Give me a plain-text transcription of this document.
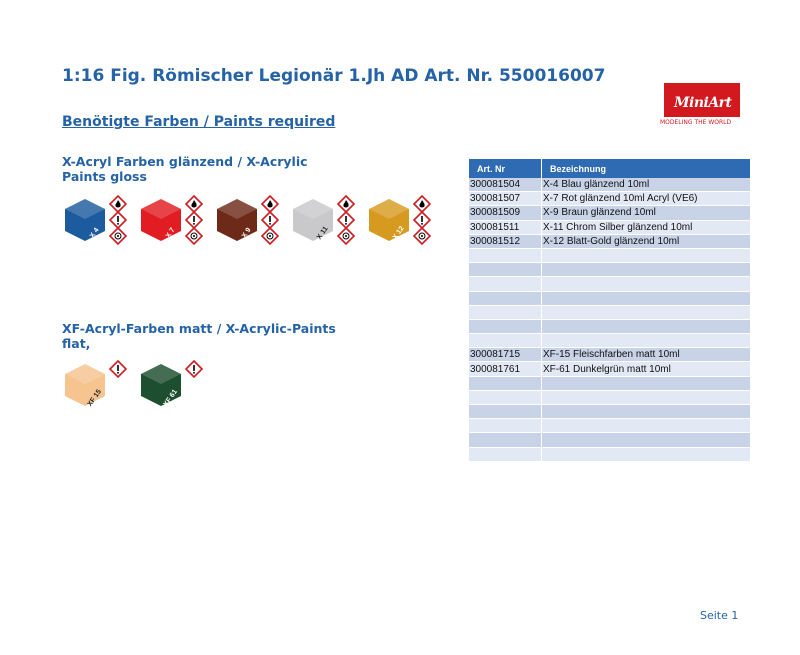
1:16 Fig. Römischer Legionär 1.Jh AD Art. Nr. 550016007
Benötigte Farben / Paints required
MiniArt
MODELING THE WORLD
X-Acryl Farben glänzend / X-Acrylic Paints gloss
X 4	X 7	X 9	X 11	X 12
XF-Acryl-Farben matt / X-Acrylic-Paints flat,
XF 15	XF 61
Art. Nr	Bezeichnung
300081504	X-4 Blau glänzend 10ml
300081507	X-7 Rot glänzend 10ml Acryl (VE6)
300081509	X-9 Braun glänzend 10ml
300081511	X-11 Chrom Silber glänzend 10ml
300081512	X-12 Blatt-Gold glänzend 10ml

300081715	XF-15 Fleischfarben matt 10ml
300081761	XF-61 Dunkelgrün matt 10ml

Seite 1
